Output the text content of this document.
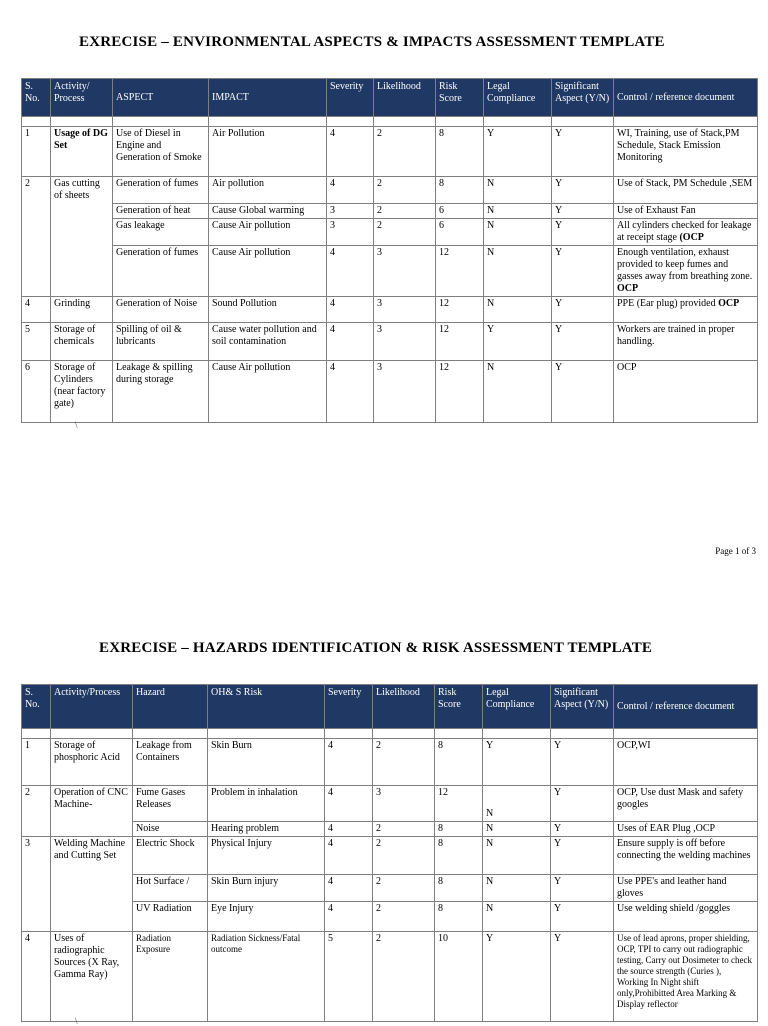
EXRECISE – ENVIRONMENTAL ASPECTS & IMPACTS ASSESSMENT TEMPLATE
S. No.	Activity/ Process	ASPECT	IMPACT	Severity	Likelihood	Risk Score	Legal Compliance	Significant Aspect (Y/N)	Control / reference document

1	Usage of DG Set	Use of Diesel in Engine and Generation of Smoke	Air Pollution	4	2	8	Y	Y	WI, Training, use of Stack,PM Schedule, Stack Emission Monitoring
2	Gas cutting of sheets	Generation of fumes	Air pollution	4	2	8	N	Y	Use of Stack, PM Schedule ,SEM
		Generation of heat	Cause Global warming	3	2	6	N	Y	Use of Exhaust Fan
		Gas leakage	Cause Air pollution	3	2	6	N	Y	All cylinders checked for leakage at receipt stage (OCP
		Generation of fumes	Cause Air pollution	4	3	12	N	Y	Enough ventilation, exhaust provided to keep fumes and gasses away from breathing zone. OCP
4	Grinding	Generation of Noise	Sound Pollution	4	3	12	N	Y	PPE (Ear plug) provided OCP
5	Storage of chemicals	Spilling of oil & lubricants	Cause water pollution and soil contamination	4	3	12	Y	Y	Workers are trained in proper handling.
6	Storage of Cylinders (near factory gate)	Leakage & spilling during storage	Cause Air pollution	4	3	12	N	Y	OCP
\
Page 1 of 3
EXRECISE – HAZARDS IDENTIFICATION & RISK ASSESSMENT TEMPLATE
S. No.	Activity/Process	Hazard	OH& S Risk	Severity	Likelihood	Risk Score	Legal Compliance	Significant Aspect (Y/N)	Control / reference document

1	Storage of phosphoric Acid	Leakage from Containers	Skin Burn	4	2	8	Y	Y	OCP,WI
2	Operation of CNC Machine-	Fume Gases Releases	Problem in inhalation	4	3	12	N	Y	OCP, Use dust Mask and safety googles
		Noise	Hearing problem	4	2	8	N	Y	Uses of EAR Plug ,OCP
3	Welding Machine and Cutting Set	Electric Shock	Physical Injury	4	2	8	N	Y	Ensure supply is off before connecting the welding machines
		Hot Surface /	Skin Burn injury	4	2	8	N	Y	Use PPE's and leather hand gloves
		UV Radiation	Eye Injury	4	2	8	N	Y	Use welding shield /goggles
4	Uses of radiographic Sources (X Ray, Gamma Ray)	Radiation Exposure	Radiation Sickness/Fatal outcome	5	2	10	Y	Y	Use of lead aprons, proper shielding, OCP, TPI to carry out radiographic testing, Carry out Dosimeter to check the source strength (Curies ), Working In Night shift only,Prohibitted Area Marking & Display reflector
\
